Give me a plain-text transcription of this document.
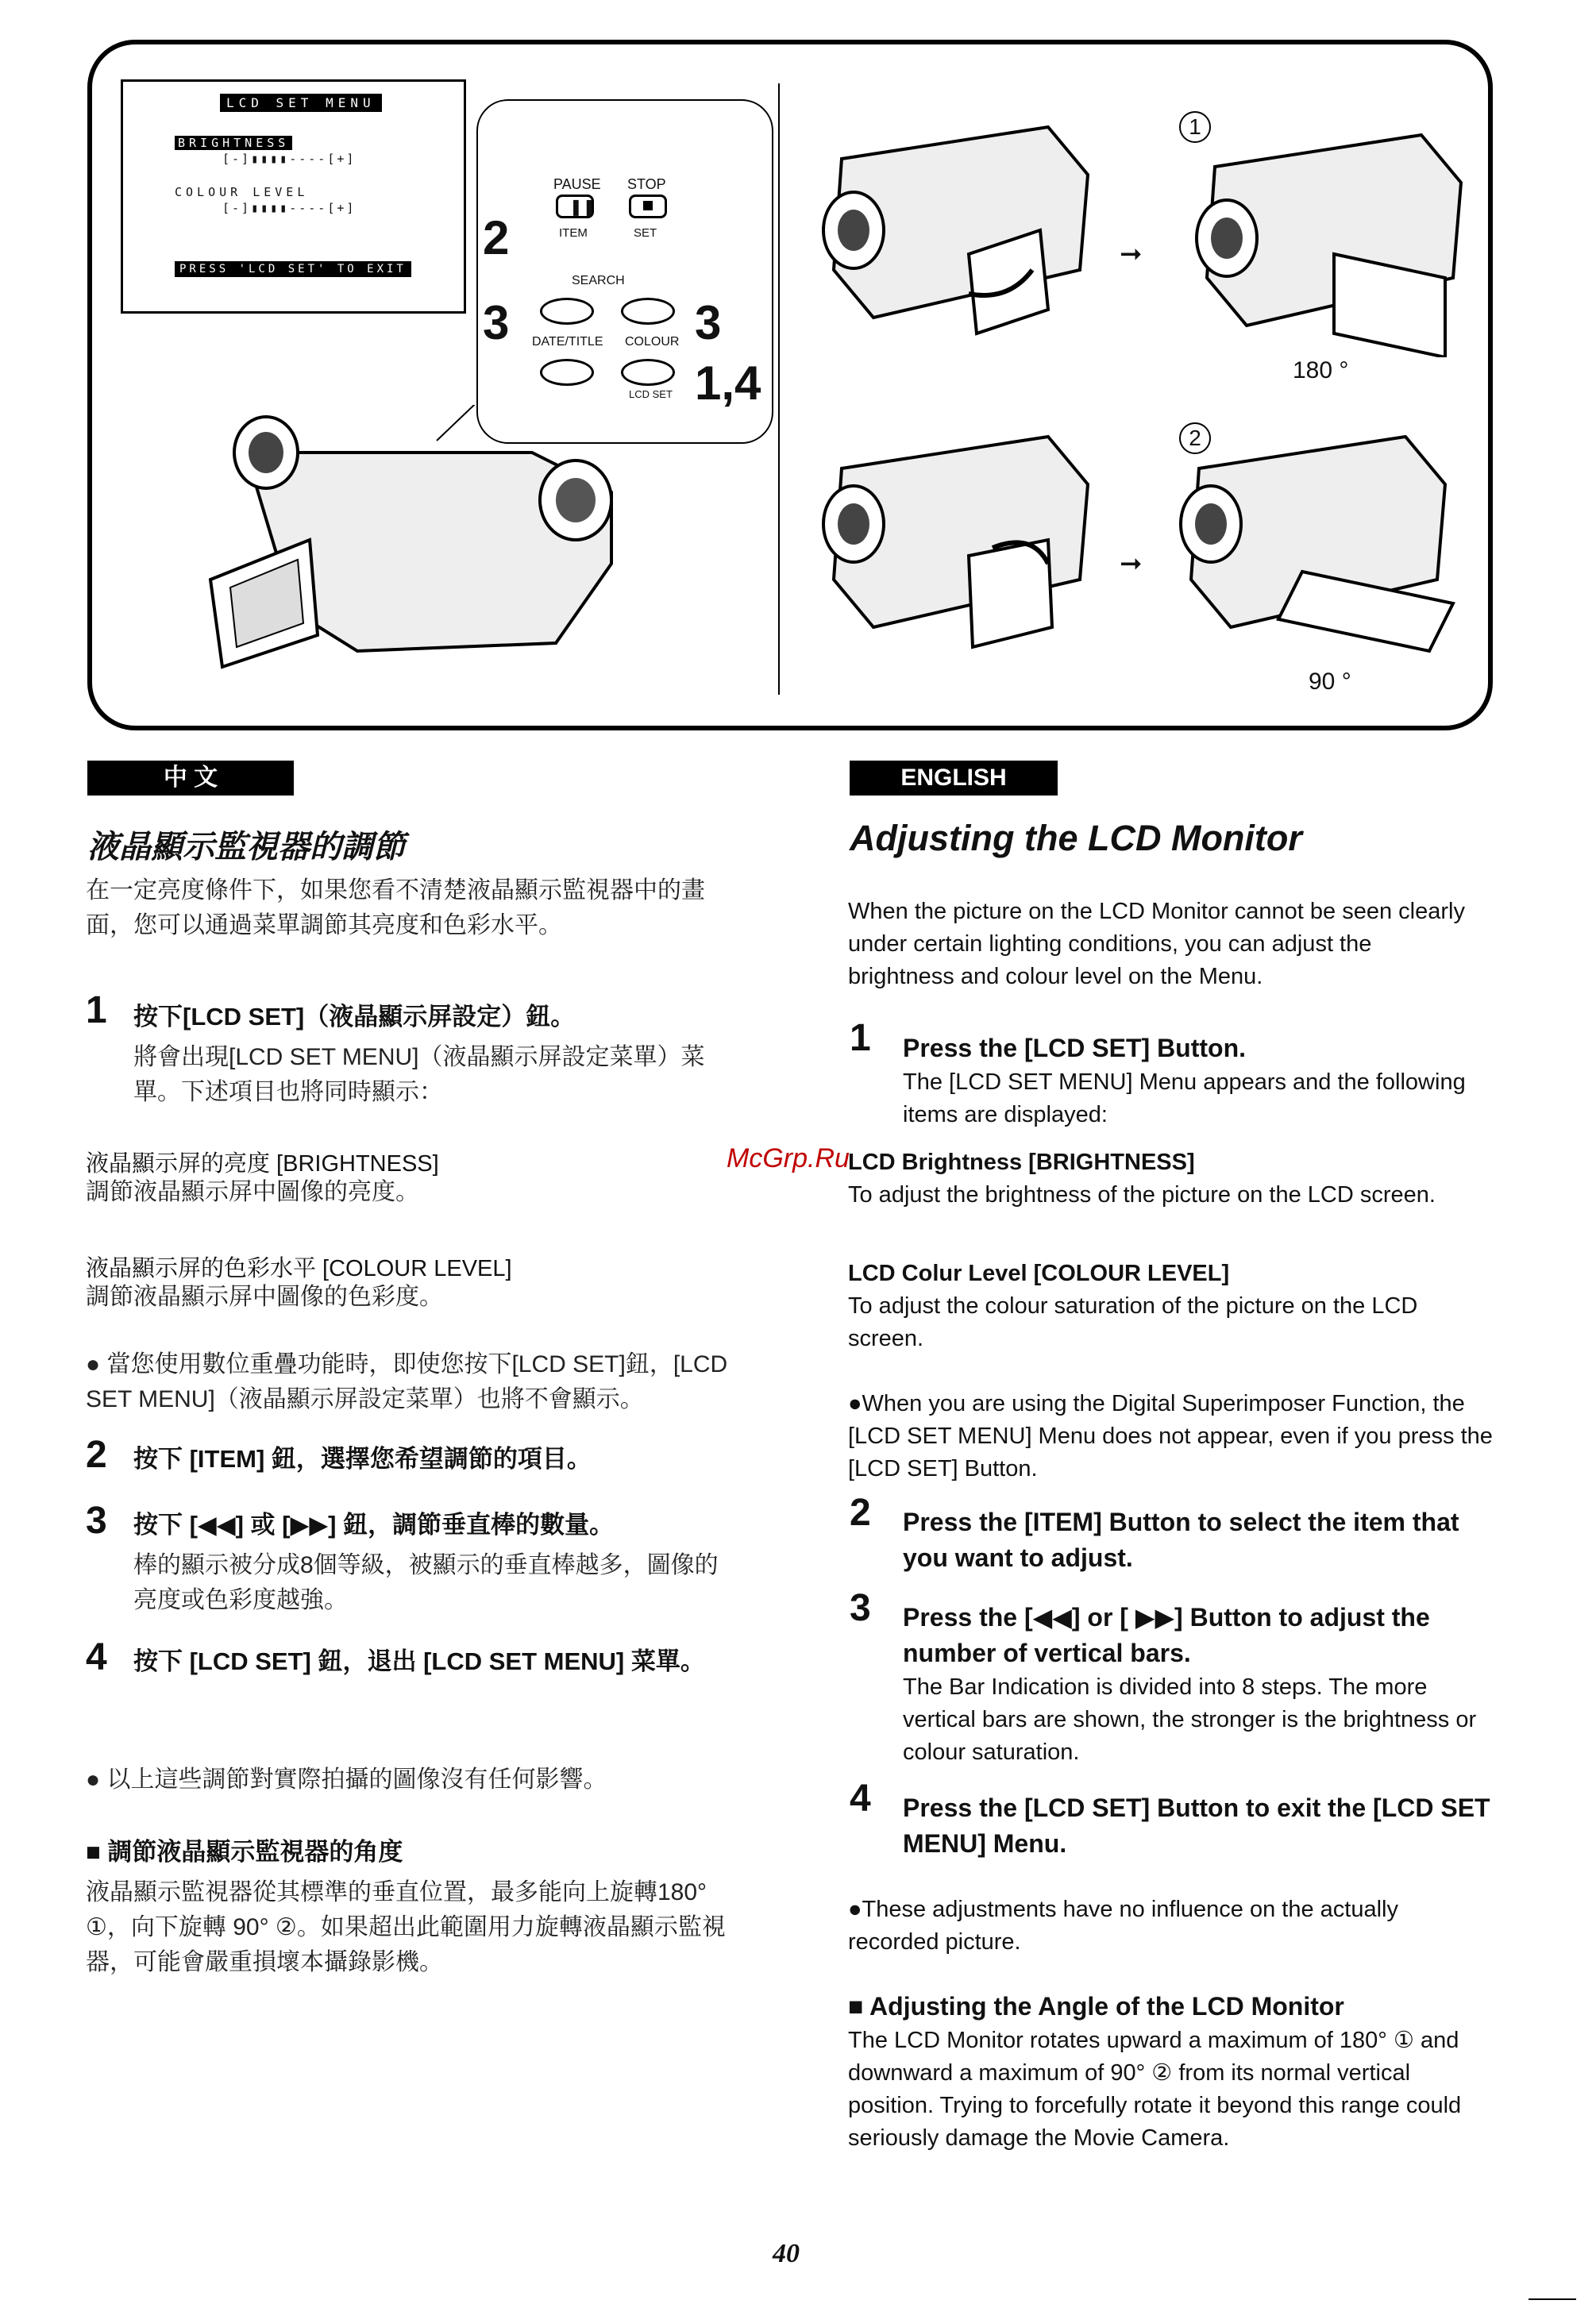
LCD SET MENU
BRIGHTNESS
[-]▮▮▮▮----[+]
COLOUR LEVEL
[-]▮▮▮▮----[+]
PRESS 'LCD SET' TO EXIT
PAUSE STOP
❚❚
ITEM	SET
SEARCH
DATE/TITLE COLOUR
LCD SET
2
3	3
1,4
➞
1
180 °
➞
2
90 °
中 文	ENGLISH
液晶顯示監視器的調節
在一定亮度條件下，如果您看不清楚液晶顯示監視器中的畫面，您可以通過菜單調節其亮度和色彩水平。
1 按下[LCD SET]（液晶顯示屏設定）鈕。
將會出現[LCD SET MENU]（液晶顯示屏設定菜單）菜單。下述項目也將同時顯示：
液晶顯示屏的亮度 [BRIGHTNESS]
調節液晶顯示屏中圖像的亮度。
液晶顯示屏的色彩水平 [COLOUR LEVEL]
調節液晶顯示屏中圖像的色彩度。
● 當您使用數位重疊功能時，即使您按下[LCD SET]鈕，[LCD SET MENU]（液晶顯示屏設定菜單）也將不會顯示。
2 按下 [ITEM] 鈕，選擇您希望調節的項目。
3 按下 [◀◀] 或 [▶▶] 鈕，調節垂直棒的數量。
棒的顯示被分成8個等級，被顯示的垂直棒越多，圖像的亮度或色彩度越強。
4 按下 [LCD SET] 鈕，退出 [LCD SET MENU] 菜單。
● 以上這些調節對實際拍攝的圖像沒有任何影響。
■ 調節液晶顯示監視器的角度
液晶顯示監視器從其標準的垂直位置，最多能向上旋轉180° ①，向下旋轉 90° ②。如果超出此範圍用力旋轉液晶顯示監視器，可能會嚴重損壞本攝錄影機。
Adjusting the LCD Monitor
When the picture on the LCD Monitor cannot be seen clearly under certain lighting conditions, you can adjust the brightness and colour level on the Menu.
1 Press the [LCD SET] Button.
The [LCD SET MENU] Menu appears and the following items are displayed:
LCD Brightness [BRIGHTNESS]
To adjust the brightness of the picture on the LCD screen.
LCD Colur Level [COLOUR LEVEL]
To adjust the colour saturation of the picture on the LCD screen.
●When you are using the Digital Superimposer Function, the [LCD SET MENU] Menu does not appear, even if you press the [LCD SET] Button.
2 Press the [ITEM] Button to select the item that you want to adjust.
3 Press the [◀◀] or [ ▶▶] Button to adjust the number of vertical bars.
The Bar Indication is divided into 8 steps. The more vertical bars are shown, the stronger is the brightness or colour saturation.
4 Press the [LCD SET] Button to exit the [LCD SET MENU] Menu.
●These adjustments have no influence on the actually recorded picture.
■ Adjusting the Angle of the LCD Monitor
The LCD Monitor rotates upward a maximum of 180° ① and downward a maximum of 90° ② from its normal vertical position. Trying to forcefully rotate it beyond this range could seriously damage the Movie Camera.
McGrp.Ru
40
